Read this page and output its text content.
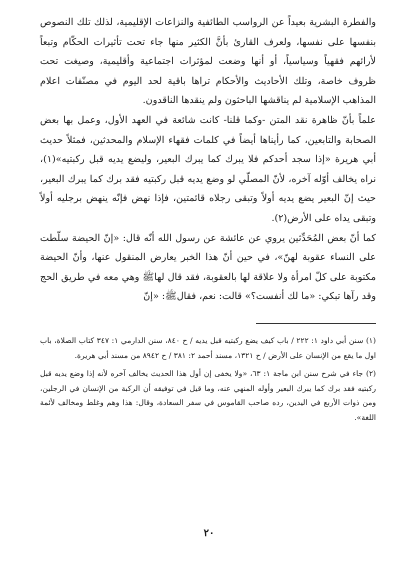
والفطرة البشرية بعيداً عن الرواسب الطائفية والنزاعات الإقليمية، لذلك تلك النصوص بنفسها على نفسها، ولعرف القارئ بأنَّ الكثير منها جاء تحت تأثيرات الحكّام وتبعاً لأرائهم فقهياً وسياسياً، أو أنها وضعت لمؤثرات اجتماعية وأقليمية، وصيغت تحت ظروف خاصة، وتلك الأحاديث والأحكام تراها باقية لحد اليوم في مصنّفات اعلام المذاهب الإسلامية لم يناقشها الباحثون ولم ينقدها الناقدون.

علماً بأنّ ظاهرة نقد المتن -وكما قلنا- كانت شائعة في العهد الأول، وعمل بها بعض الصحابة والتابعين، كما رأيناها أيضاً في كلمات فقهاء الإسلام والمحدثين، فمثلاً حديث أبي هريرة «إذا سجد أحدكم فلا يبرك كما يبرك البعير، وليضع يديه قبل ركبتيه»(١)، نراه يخالف أوّله آخره، لأنّ المصلّي لو وضع يديه قبل ركبتيه فقد برك كما يبرك البعير، حيث إنّ البعير يضع يديه أولاً وتبقى رجلاه قائمتين، فإذا نهض فإنّه ينهض برجليه أولاً وتبقى يداه على الأرض(٢).

كما أنّ بعض المُحَدِّثين يروي عن عائشة عن رسول الله أنّه قال: «إنّ الحيضة سلّطت على النساء عقوبة لهنّ»، في حين أنّ هذا الخبر يعارض المنقول عنها، وأنّ الحيضة مكتوبة على كلّ امرأة ولا علاقة لها بالعقوبة، فقد قال لهاﷺ وهي معه في طريق الحج وقد رآها تبكي: «ما لك أنفست؟» قالت: نعم، فقالﷺ: «إنّ

(١) سنن أبي داود ١: ٢٢٢ / باب كيف يضع ركبتيه قبل يديه / ح ٨٤٠، سنن الدارمي ١: ٣٤٧ كتاب الصلاة، باب اول ما يقع من الإنسان على الأرض / ح ١٣٢١، مسند أحمد ٢: ٣٨١ / ح ٨٩٤٢ من مسند أبي هريرة.

(٢) جاء في شرح سنن ابن ماجة ١: ٦٣، «ولا يخفى إن أول هذا الحديث يخالف آخره لأنه إذا وضع يديه قبل ركبتيه فقد برك كما يبرك البعير وأوله المنهي عنه، وما قيل في توفيقه أن الركبة من الإنسان في الرجلين، ومن ذوات الأربع في اليدين، رده صاحب القاموس في سفر السعادة، وقال: هذا وهم وغلط ومخالف لأئمة اللغة».

٢٠
